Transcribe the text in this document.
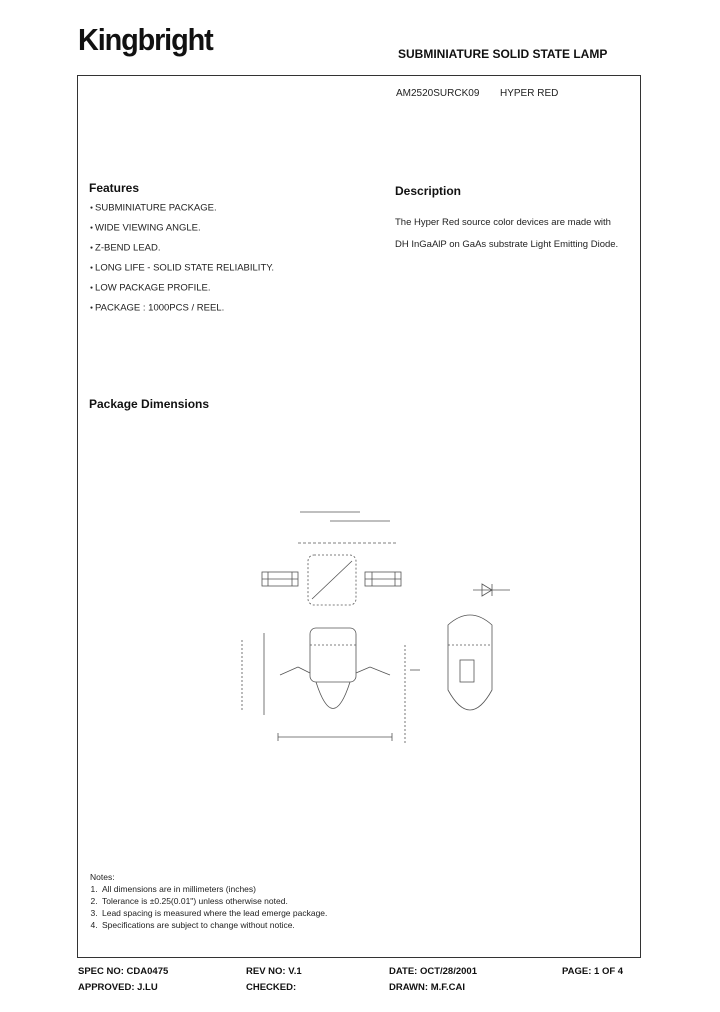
Kingbright	SUBMINIATURE SOLID STATE LAMP
AM2520SURCK09 HYPER RED
Features
● SUBMINIATURE PACKAGE.
● WIDE VIEWING ANGLE.
● Z-BEND LEAD.
● LONG LIFE - SOLID STATE RELIABILITY.
● LOW PACKAGE PROFILE.
● PACKAGE : 1000PCS / REEL.
Description
The Hyper Red source color devices are made with
DH InGaAlP on GaAs substrate Light Emitting Diode.
Package Dimensions
Notes:
1. All dimensions are in millimeters (inches)
2. Tolerance is ±0.25(0.01") unless otherwise noted.
3. Lead spacing is measured where the lead emerge package.
4. Specifications are subject to change without notice.
SPEC NO: CDA0475	REV NO: V.1	DATE: OCT/28/2001	PAGE: 1 OF 4
APPROVED: J.LU	CHECKED:	DRAWN: M.F.CAI
